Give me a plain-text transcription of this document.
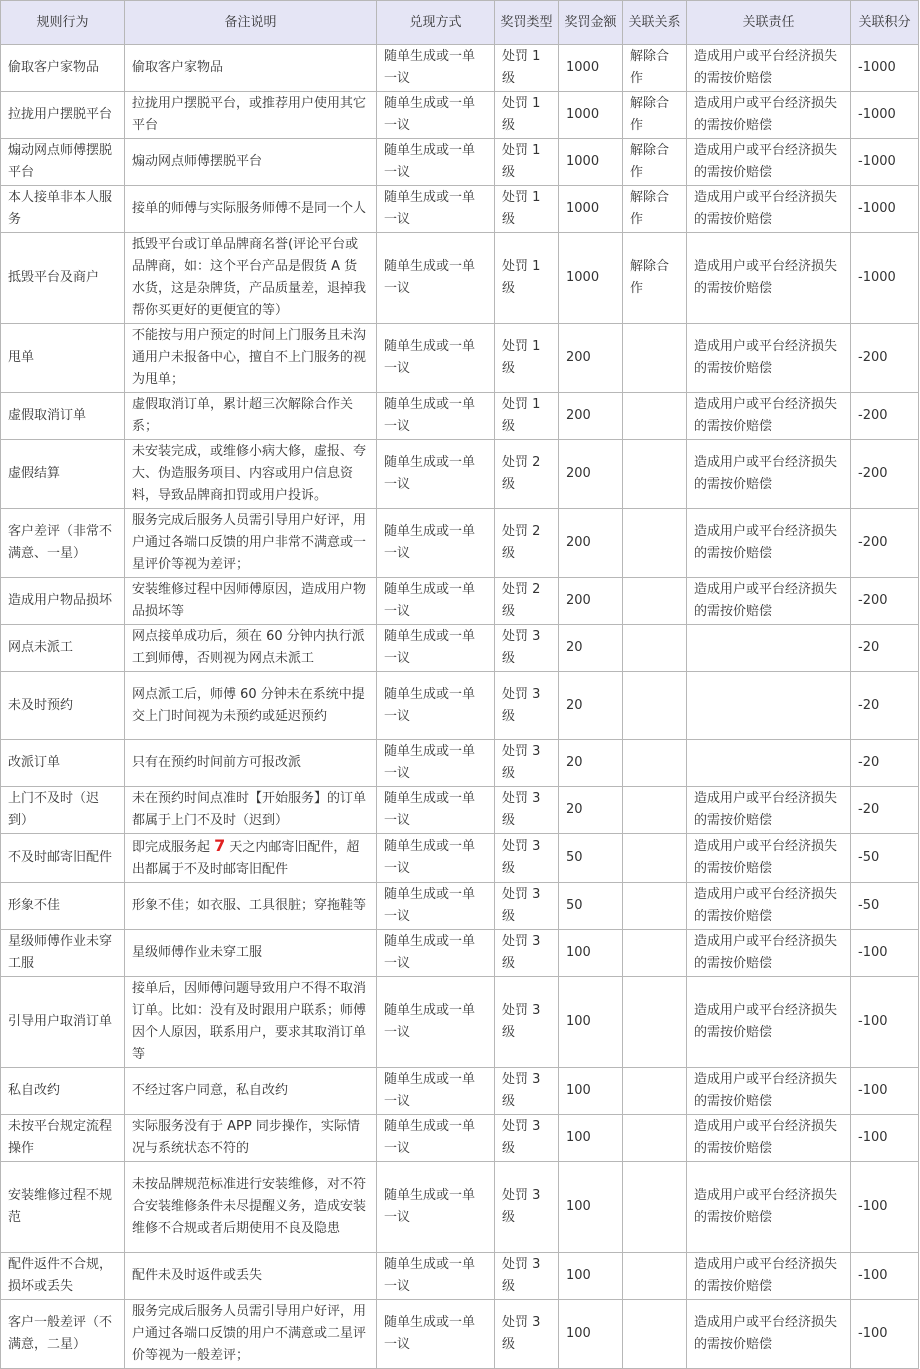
规则行为	备注说明	兑现方式	奖罚类型	奖罚金额	关联关系	关联责任	关联积分
偷取客户家物品	偷取客户家物品	随单生成或一单一议	处罚 1 级	1000	解除合作	造成用户或平台经济损失的需按价赔偿	-1000
拉拢用户摆脱平台	拉拢用户摆脱平台，或推荐用户使用其它平台	随单生成或一单一议	处罚 1 级	1000	解除合作	造成用户或平台经济损失的需按价赔偿	-1000
煽动网点师傅摆脱平台	煽动网点师傅摆脱平台	随单生成或一单一议	处罚 1 级	1000	解除合作	造成用户或平台经济损失的需按价赔偿	-1000
本人接单非本人服务	接单的师傅与实际服务师傅不是同一个人	随单生成或一单一议	处罚 1 级	1000	解除合作	造成用户或平台经济损失的需按价赔偿	-1000
抵毁平台及商户	抵毁平台或订单品牌商名誉(评论平台或品牌商，如：这个平台产品是假货 A 货水货，这是杂牌货，产品质量差，退掉我帮你买更好的更便宜的等）	随单生成或一单一议	处罚 1 级	1000	解除合作	造成用户或平台经济损失的需按价赔偿	-1000
甩单	不能按与用户预定的时间上门服务且未沟通用户未报备中心，擅自不上门服务的视为甩单；	随单生成或一单一议	处罚 1 级	200		造成用户或平台经济损失的需按价赔偿	-200
虚假取消订单	虚假取消订单，累计超三次解除合作关系；	随单生成或一单一议	处罚 1 级	200		造成用户或平台经济损失的需按价赔偿	-200
虚假结算	未安装完成，或维修小病大修，虚报、夸大、伪造服务项目、内容或用户信息资料，导致品牌商扣罚或用户投诉。	随单生成或一单一议	处罚 2 级	200		造成用户或平台经济损失的需按价赔偿	-200
客户差评（非常不满意、一星）	服务完成后服务人员需引导用户好评，用户通过各端口反馈的用户非常不满意或一星评价等视为差评；	随单生成或一单一议	处罚 2 级	200		造成用户或平台经济损失的需按价赔偿	-200
造成用户物品损坏	安装维修过程中因师傅原因，造成用户物品损坏等	随单生成或一单一议	处罚 2 级	200		造成用户或平台经济损失的需按价赔偿	-200
网点未派工	网点接单成功后，须在 60 分钟内执行派工到师傅，否则视为网点未派工	随单生成或一单一议	处罚 3 级	20			-20
未及时预约	网点派工后，师傅 60 分钟未在系统中提交上门时间视为未预约或延迟预约	随单生成或一单一议	处罚 3 级	20			-20
改派订单	只有在预约时间前方可报改派	随单生成或一单一议	处罚 3 级	20			-20
上门不及时（迟到）	未在预约时间点准时【开始服务】的订单都属于上门不及时（迟到）	随单生成或一单一议	处罚 3 级	20		造成用户或平台经济损失的需按价赔偿	-20
不及时邮寄旧配件	即完成服务起 7 天之内邮寄旧配件，超出都属于不及时邮寄旧配件	随单生成或一单一议	处罚 3 级	50		造成用户或平台经济损失的需按价赔偿	-50
形象不佳	形象不佳；如衣服、工具很脏；穿拖鞋等	随单生成或一单一议	处罚 3 级	50		造成用户或平台经济损失的需按价赔偿	-50
星级师傅作业未穿工服	星级师傅作业未穿工服	随单生成或一单一议	处罚 3 级	100		造成用户或平台经济损失的需按价赔偿	-100
引导用户取消订单	接单后，因师傅问题导致用户不得不取消订单。比如：没有及时跟用户联系；师傅因个人原因，联系用户，要求其取消订单等	随单生成或一单一议	处罚 3 级	100		造成用户或平台经济损失的需按价赔偿	-100
私自改约	不经过客户同意，私自改约	随单生成或一单一议	处罚 3 级	100		造成用户或平台经济损失的需按价赔偿	-100
未按平台规定流程操作	实际服务没有于 APP 同步操作，实际情况与系统状态不符的	随单生成或一单一议	处罚 3 级	100		造成用户或平台经济损失的需按价赔偿	-100
安装维修过程不规范	未按品牌规范标准进行安装维修，对不符合安装维修条件未尽提醒义务，造成安装维修不合规或者后期使用不良及隐患	随单生成或一单一议	处罚 3 级	100		造成用户或平台经济损失的需按价赔偿	-100
配件返件不合规，损坏或丢失	配件未及时返件或丢失	随单生成或一单一议	处罚 3 级	100		造成用户或平台经济损失的需按价赔偿	-100
客户一般差评（不满意，二星）	服务完成后服务人员需引导用户好评，用户通过各端口反馈的用户不满意或二星评价等视为一般差评；	随单生成或一单一议	处罚 3 级	100		造成用户或平台经济损失的需按价赔偿	-100
